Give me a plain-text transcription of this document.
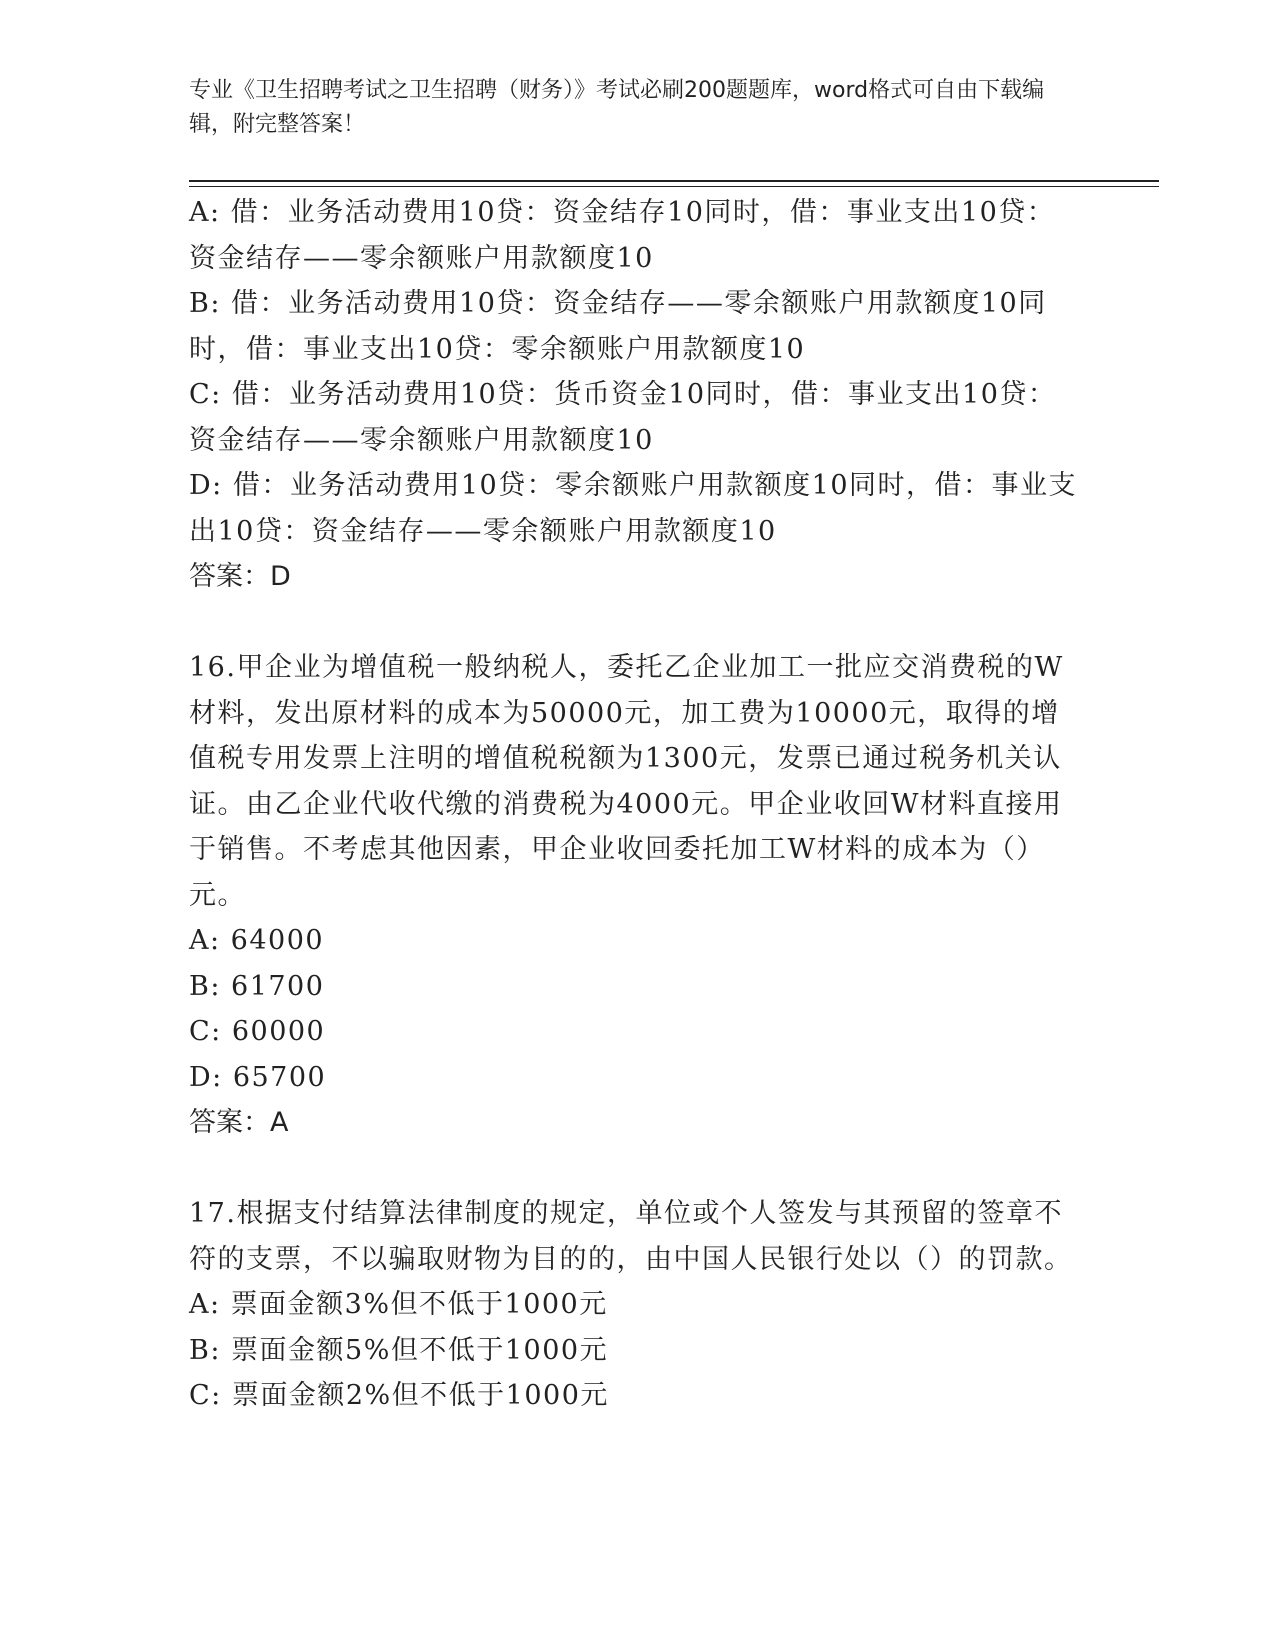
专业《卫生招聘考试之卫生招聘（财务）》考试必刷200题题库，word格式可自由下载编辑，附完整答案！

A: 借：业务活动费用10贷：资金结存10同时，借：事业支出10贷：资金结存——零余额账户用款额度10

B: 借：业务活动费用10贷：资金结存——零余额账户用款额度10同时，借：事业支出10贷：零余额账户用款额度10

C: 借：业务活动费用10贷：货币资金10同时，借：事业支出10贷：资金结存——零余额账户用款额度10

D: 借：业务活动费用10贷：零余额账户用款额度10同时，借：事业支出10贷：资金结存——零余额账户用款额度10

答案：D

16.甲企业为增值税一般纳税人，委托乙企业加工一批应交消费税的W材料，发出原材料的成本为50000元，加工费为10000元，取得的增值税专用发票上注明的增值税税额为1300元，发票已通过税务机关认证。由乙企业代收代缴的消费税为4000元。甲企业收回W材料直接用于销售。不考虑其他因素，甲企业收回委托加工W材料的成本为（）元。

A: 64000

B: 61700

C: 60000

D: 65700

答案：A

17.根据支付结算法律制度的规定，单位或个人签发与其预留的签章不符的支票，不以骗取财物为目的的，由中国人民银行处以（）的罚款。

A: 票面金额3%但不低于1000元

B: 票面金额5%但不低于1000元

C: 票面金额2%但不低于1000元
